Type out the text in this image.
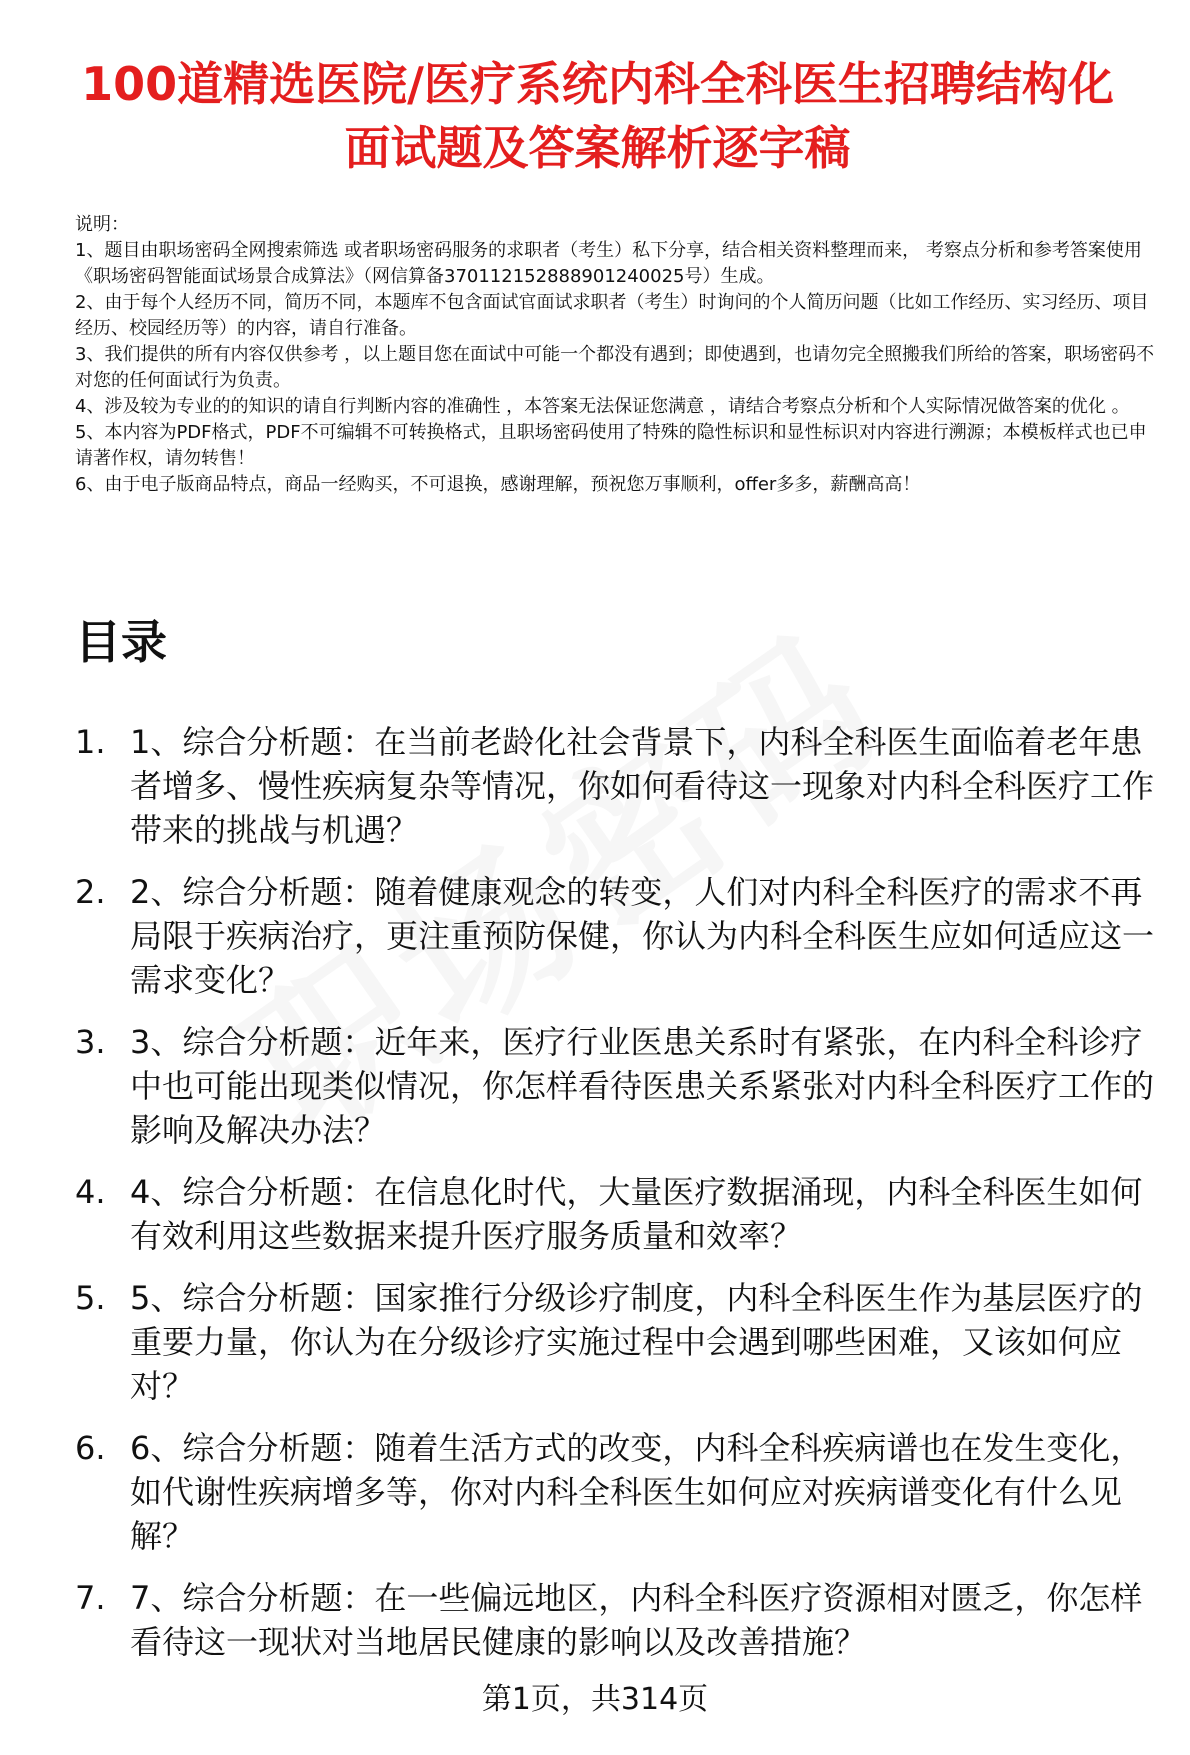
100道精选医院/医疗系统内科全科医生招聘结构化面试题及答案解析逐字稿

说明：

1、题目由职场密码全网搜索筛选 或者职场密码服务的求职者（考生）私下分享，结合相关资料整理而来， 考察点分析和参考答案使用《职场密码智能面试场景合成算法》（网信算备370112152888901240025号）生成。

2、由于每个人经历不同，简历不同，本题库不包含面试官面试求职者（考生）时询问的个人简历问题（比如工作经历、实习经历、项目经历、校园经历等）的内容，请自行准备。

3、我们提供的所有内容仅供参考 ，以上题目您在面试中可能一个都没有遇到；即使遇到，也请勿完全照搬我们所给的答案，职场密码不对您的任何面试行为负责。

4、涉及较为专业的的知识的请自行判断内容的准确性 ，本答案无法保证您满意 ，请结合考察点分析和个人实际情况做答案的优化 。

5、本内容为PDF格式，PDF不可编辑不可转换格式，且职场密码使用了特殊的隐性标识和显性标识对内容进行溯源；本模板样式也已申请著作权，请勿转售！

6、由于电子版商品特点，商品一经购买，不可退换，感谢理解，预祝您万事顺利，offer多多，薪酬高高！

目录
1. 1、综合分析题：在当前老龄化社会背景下，内科全科医生面临着老年患者增多、慢性疾病复杂等情况，你如何看待这一现象对内科全科医疗工作带来的挑战与机遇？
2. 2、综合分析题：随着健康观念的转变，人们对内科全科医疗的需求不再局限于疾病治疗，更注重预防保健，你认为内科全科医生应如何适应这一需求变化？
3. 3、综合分析题：近年来，医疗行业医患关系时有紧张，在内科全科诊疗中也可能出现类似情况，你怎样看待医患关系紧张对内科全科医疗工作的影响及解决办法？
4. 4、综合分析题：在信息化时代，大量医疗数据涌现，内科全科医生如何有效利用这些数据来提升医疗服务质量和效率？
5. 5、综合分析题：国家推行分级诊疗制度，内科全科医生作为基层医疗的重要力量，你认为在分级诊疗实施过程中会遇到哪些困难，又该如何应对？
6. 6、综合分析题：随着生活方式的改变，内科全科疾病谱也在发生变化，如代谢性疾病增多等，你对内科全科医生如何应对疾病谱变化有什么见解？
7. 7、综合分析题：在一些偏远地区，内科全科医疗资源相对匮乏，你怎样看待这一现状对当地居民健康的影响以及改善措施？
第1页，共314页
